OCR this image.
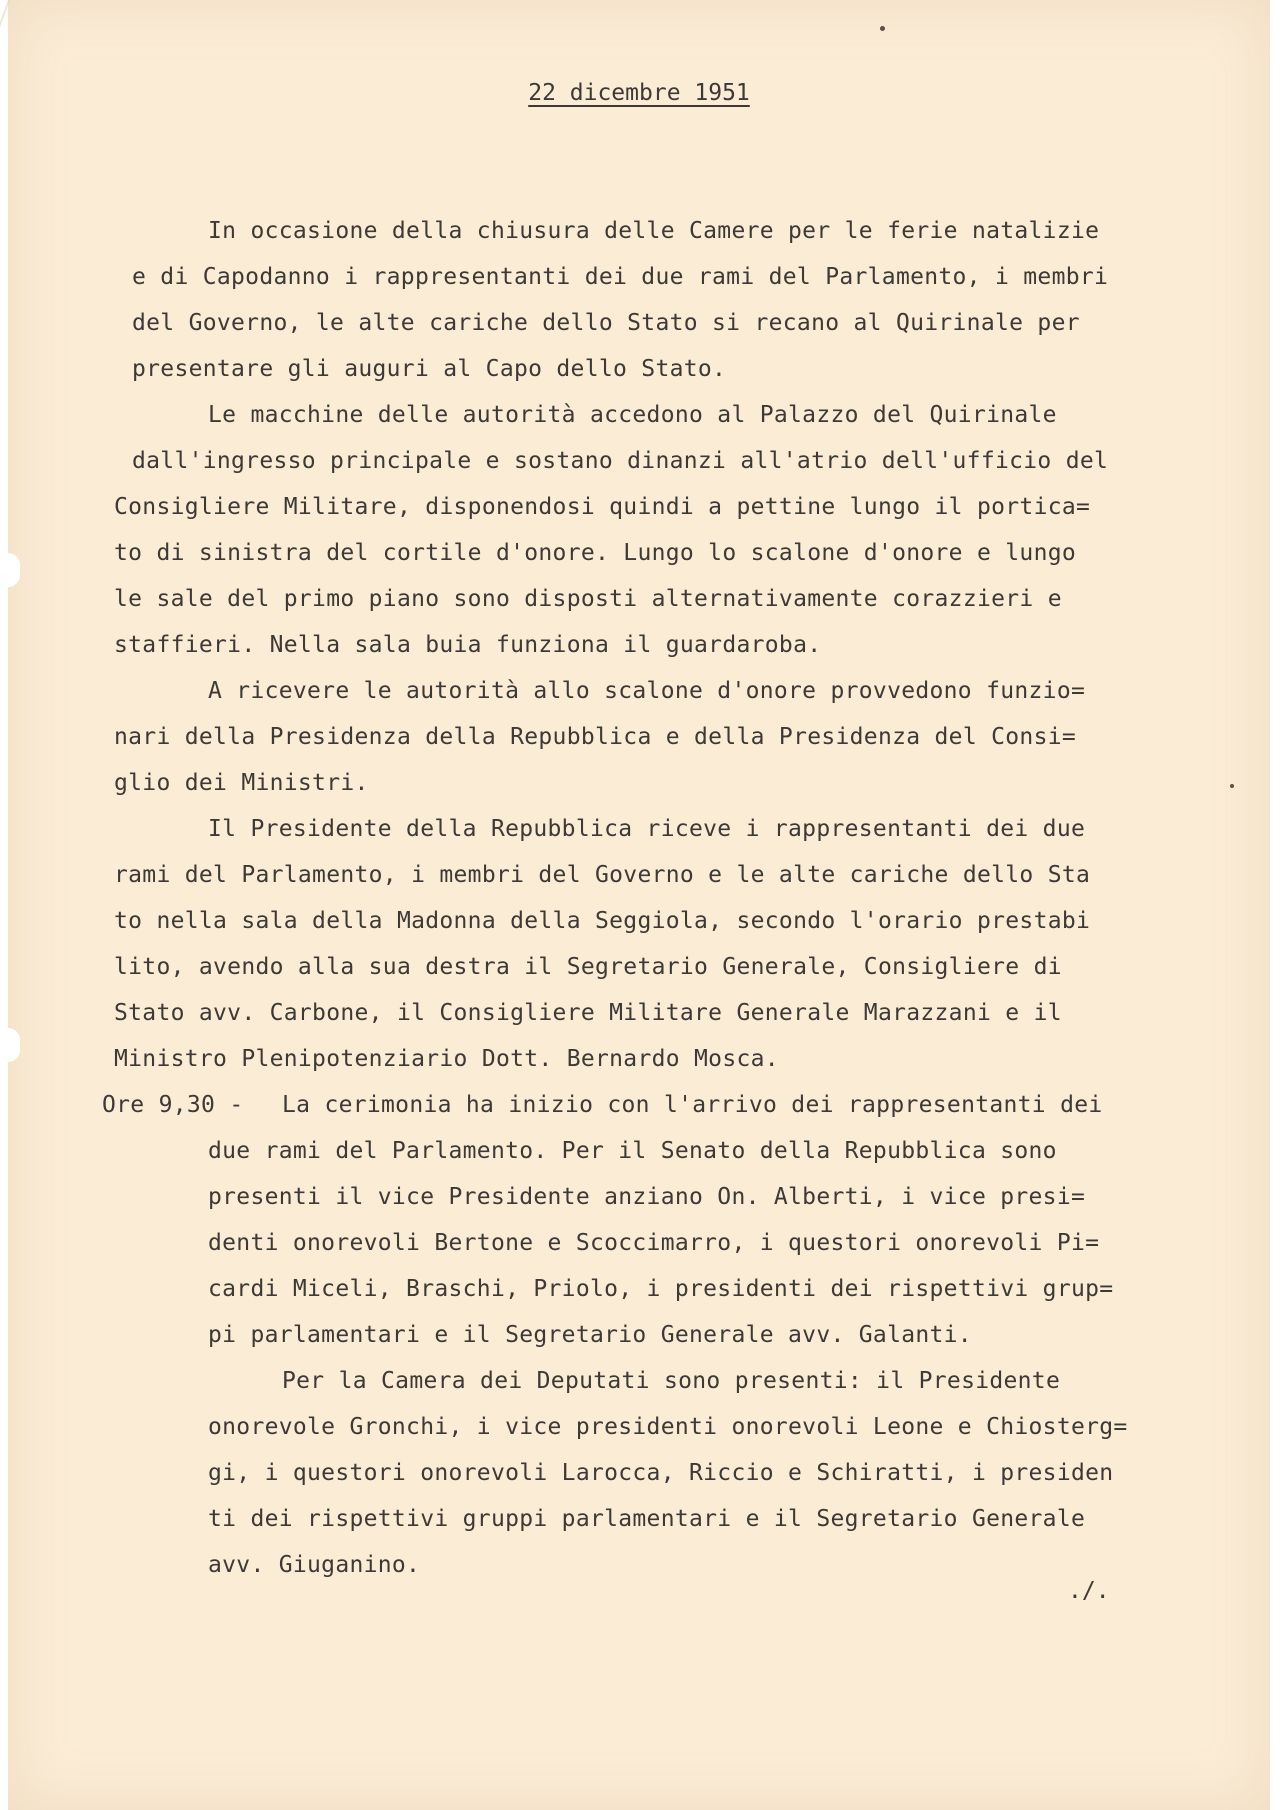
22 dicembre 1951
In occasione della chiusura delle Camere per le ferie natalizie
e di Capodanno i rappresentanti dei due rami del Parlamento, i membri
del Governo, le alte cariche dello Stato si recano al Quirinale per
presentare gli auguri al Capo dello Stato.
Le macchine delle autorità accedono al Palazzo del Quirinale
dall'ingresso principale e sostano dinanzi all'atrio dell'ufficio del
Consigliere Militare, disponendosi quindi a pettine lungo il portica=
to di sinistra del cortile d'onore. Lungo lo scalone d'onore e lungo
le sale del primo piano sono disposti alternativamente corazzieri e
staffieri. Nella sala buia funziona il guardaroba.
A ricevere le autorità allo scalone d'onore provvedono funzio=
nari della Presidenza della Repubblica e della Presidenza del Consi=
glio dei Ministri.
Il Presidente della Repubblica riceve i rappresentanti dei due
rami del Parlamento, i membri del Governo e le alte cariche dello Sta
to nella sala della Madonna della Seggiola, secondo l'orario prestabi
lito, avendo alla sua destra il Segretario Generale, Consigliere di
Stato avv. Carbone, il Consigliere Militare Generale Marazzani e il
Ministro Plenipotenziario Dott. Bernardo Mosca.
Ore 9,30 - La cerimonia ha inizio con l'arrivo dei rappresentanti dei
due rami del Parlamento. Per il Senato della Repubblica sono
presenti il vice Presidente anziano On. Alberti, i vice presi=
denti onorevoli Bertone e Scoccimarro, i questori onorevoli Pi=
cardi Miceli, Braschi, Priolo, i presidenti dei rispettivi grup=
pi parlamentari e il Segretario Generale avv. Galanti.
Per la Camera dei Deputati sono presenti: il Presidente
onorevole Gronchi, i vice presidenti onorevoli Leone e Chiosterg=
gi, i questori onorevoli Larocca, Riccio e Schiratti, i presiden
ti dei rispettivi gruppi parlamentari e il Segretario Generale
avv. Giuganino.
./.
